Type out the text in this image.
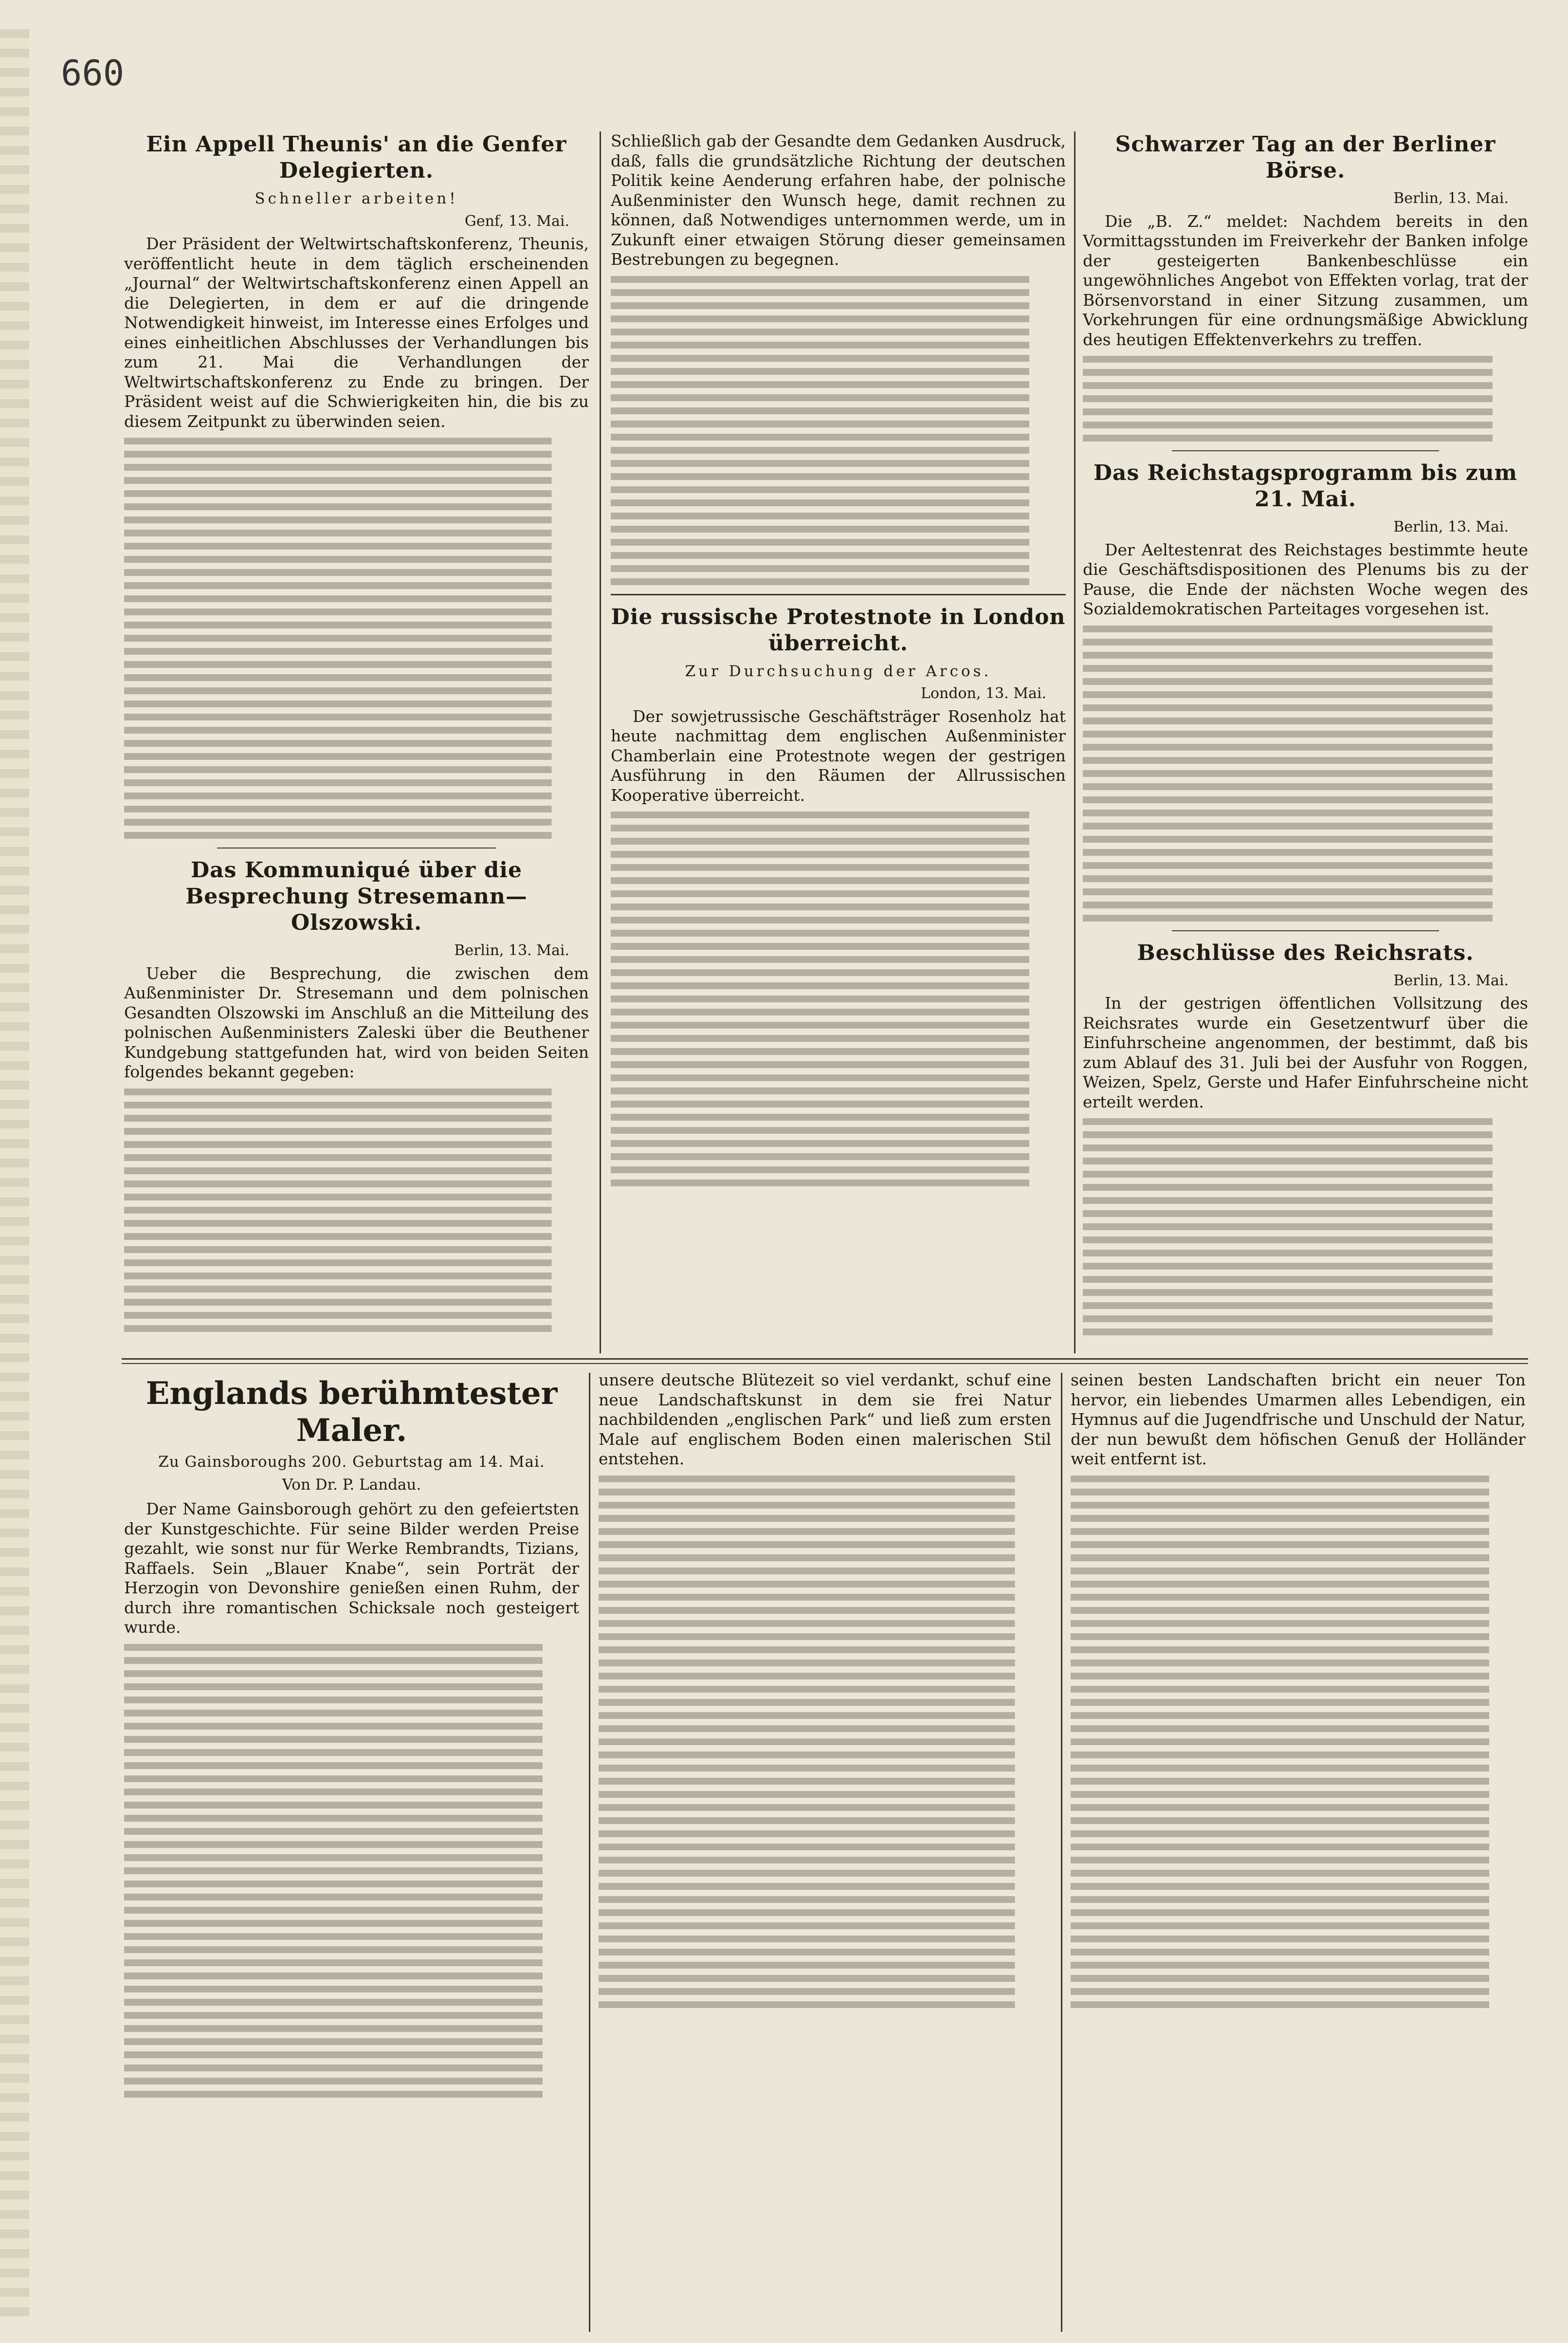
660
Ein Appell Theunis' an die Genfer Delegierten.
Schneller arbeiten!
Genf, 13. Mai.

Der Präsident der Weltwirtschaftskonferenz, Theunis, veröffentlicht heute in dem täglich erscheinenden „Journal“ der Weltwirtschaftskonferenz einen Appell an die Delegierten, in dem er auf die dringende Notwendigkeit hinweist, im Interesse eines Erfolges und eines einheitlichen Abschlusses der Verhandlungen bis zum 21. Mai die Verhandlungen der Weltwirtschaftskonferenz zu Ende zu bringen. Der Präsident weist auf die Schwierigkeiten hin, die bis zu diesem Zeitpunkt zu überwinden seien.

Das Kommuniqué über die Besprechung Stresemann—Olszowski.
Berlin, 13. Mai.

Ueber die Besprechung, die zwischen dem Außenminister Dr. Stresemann und dem polnischen Gesandten Olszowski im Anschluß an die Mitteilung des polnischen Außenministers Zaleski über die Beuthener Kundgebung stattgefunden hat, wird von beiden Seiten folgendes bekannt gegeben:

Schließlich gab der Gesandte dem Gedanken Ausdruck, daß, falls die grundsätzliche Richtung der deutschen Politik keine Aenderung erfahren habe, der polnische Außenminister den Wunsch hege, damit rechnen zu können, daß Notwendiges unternommen werde, um in Zukunft einer etwaigen Störung dieser gemeinsamen Bestrebungen zu begegnen.

Die russische Protestnote in London überreicht.
Zur Durchsuchung der Arcos.
London, 13. Mai.

Der sowjetrussische Geschäftsträger Rosenholz hat heute nachmittag dem englischen Außenminister Chamberlain eine Protestnote wegen der gestrigen Ausführung in den Räumen der Allrussischen Kooperative überreicht.

Schwarzer Tag an der Berliner Börse.
Berlin, 13. Mai.

Die „B. Z.“ meldet: Nachdem bereits in den Vormittagsstunden im Freiverkehr der Banken infolge der gesteigerten Bankenbeschlüsse ein ungewöhnliches Angebot von Effekten vorlag, trat der Börsenvorstand in einer Sitzung zusammen, um Vorkehrungen für eine ordnungsmäßige Abwicklung des heutigen Effektenverkehrs zu treffen.

Das Reichstagsprogramm bis zum 21. Mai.
Berlin, 13. Mai.

Der Aeltestenrat des Reichstages bestimmte heute die Geschäftsdispositionen des Plenums bis zu der Pause, die Ende der nächsten Woche wegen des Sozialdemokratischen Parteitages vorgesehen ist.

Beschlüsse des Reichsrats.
Berlin, 13. Mai.

In der gestrigen öffentlichen Vollsitzung des Reichsrates wurde ein Gesetzentwurf über die Einfuhrscheine angenommen, der bestimmt, daß bis zum Ablauf des 31. Juli bei der Ausfuhr von Roggen, Weizen, Spelz, Gerste und Hafer Einfuhrscheine nicht erteilt werden.

Englands berühmtester Maler.
Zu Gainsboroughs 200. Geburtstag am 14. Mai.
Von Dr. P. Landau.

Der Name Gainsborough gehört zu den gefeiertsten der Kunstgeschichte. Für seine Bilder werden Preise gezahlt, wie sonst nur für Werke Rembrandts, Tizians, Raffaels. Sein „Blauer Knabe“, sein Porträt der Herzogin von Devonshire genießen einen Ruhm, der durch ihre romantischen Schicksale noch gesteigert wurde.

unsere deutsche Blütezeit so viel verdankt, schuf eine neue Landschaftskunst in dem sie frei Natur nachbildenden „englischen Park“ und ließ zum ersten Male auf englischem Boden einen malerischen Stil entstehen.

seinen besten Landschaften bricht ein neuer Ton hervor, ein liebendes Umarmen alles Lebendigen, ein Hymnus auf die Jugendfrische und Unschuld der Natur, der nun bewußt dem höfischen Genuß der Holländer weit entfernt ist.
